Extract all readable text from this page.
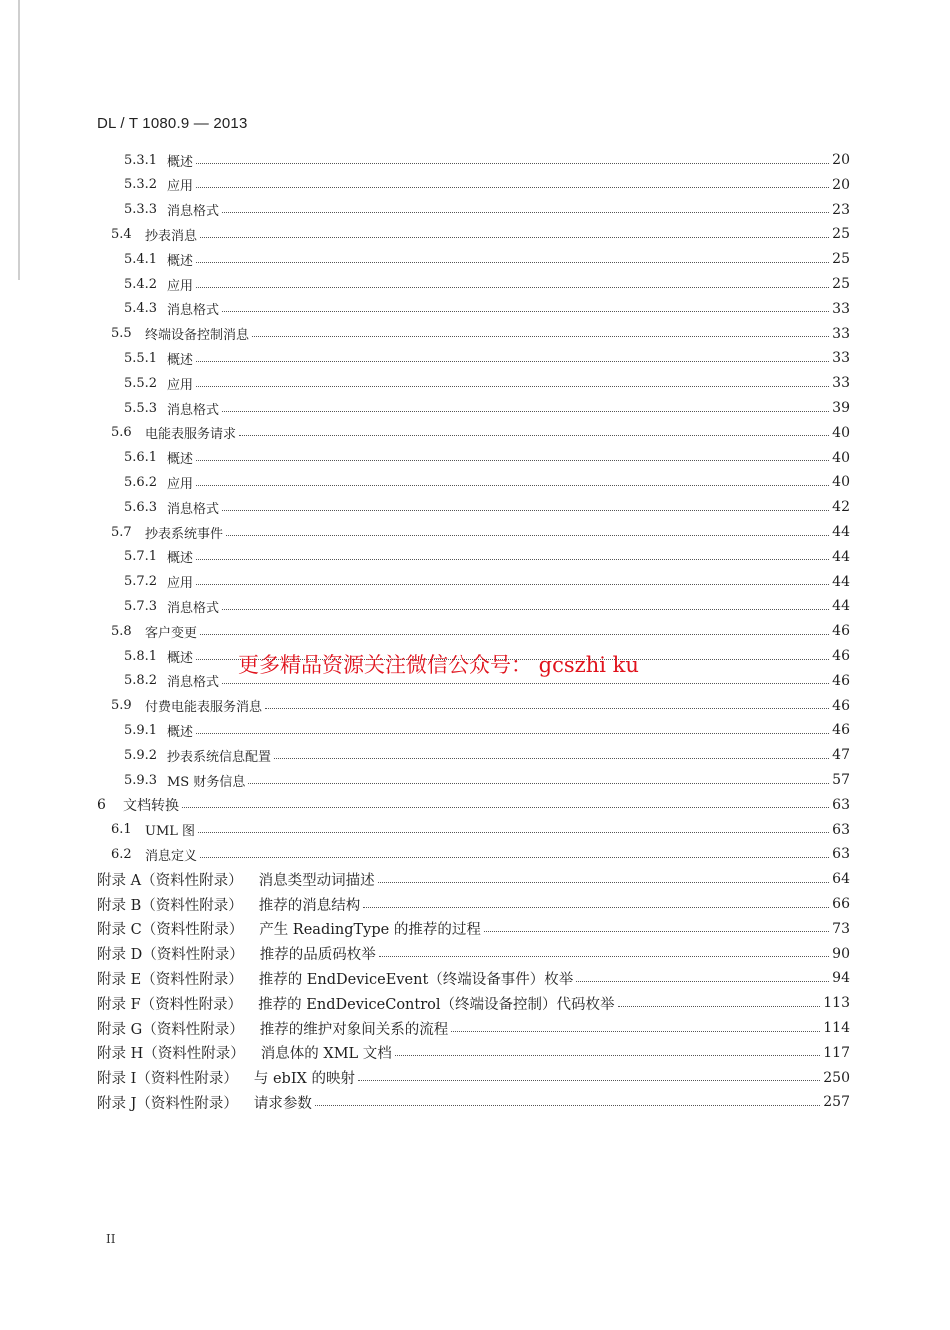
DL / T 1080.9 — 2013
5.3.1 概述	20
5.3.2 应用	20
5.3.3 消息格式	23
5.4	抄表消息	25
5.4.1 概述	25
5.4.2 应用	25
5.4.3 消息格式	33
5.5	终端设备控制消息	33
5.5.1 概述	33
5.5.2 应用	33
5.5.3 消息格式	39
5.6	电能表服务请求	40
5.6.1 概述	40
5.6.2 应用	40
5.6.3 消息格式	42
5.7	抄表系统事件	44
5.7.1 概述	44
5.7.2 应用	44
5.7.3 消息格式	44
5.8	客户变更	46
5.8.1 概述	46
5.8.2 消息格式	46
5.9	付费电能表服务消息	46
5.9.1 概述	46
5.9.2 抄表系统信息配置	47
5.9.3 MS 财务信息	57
6	文档转换	63
6.1	UML 图	63
6.2	消息定义	63
附录 A（资料性附录） 消息类型动词描述	64
附录 B（资料性附录） 推荐的消息结构	66
附录 C（资料性附录） 产生 ReadingType 的推荐的过程	73
附录 D（资料性附录） 推荐的品质码枚举	90
附录 E（资料性附录） 推荐的 EndDeviceEvent（终端设备事件）枚举	94
附录 F（资料性附录） 推荐的 EndDeviceControl（终端设备控制）代码枚举	113
附录 G（资料性附录） 推荐的维护对象间关系的流程	114
附录 H（资料性附录） 消息体的 XML 文档	117
附录 I（资料性附录） 与 ebIX 的映射	250
附录 J（资料性附录） 请求参数	257
更多精品资源关注微信公众号： gcszhi ku
II
